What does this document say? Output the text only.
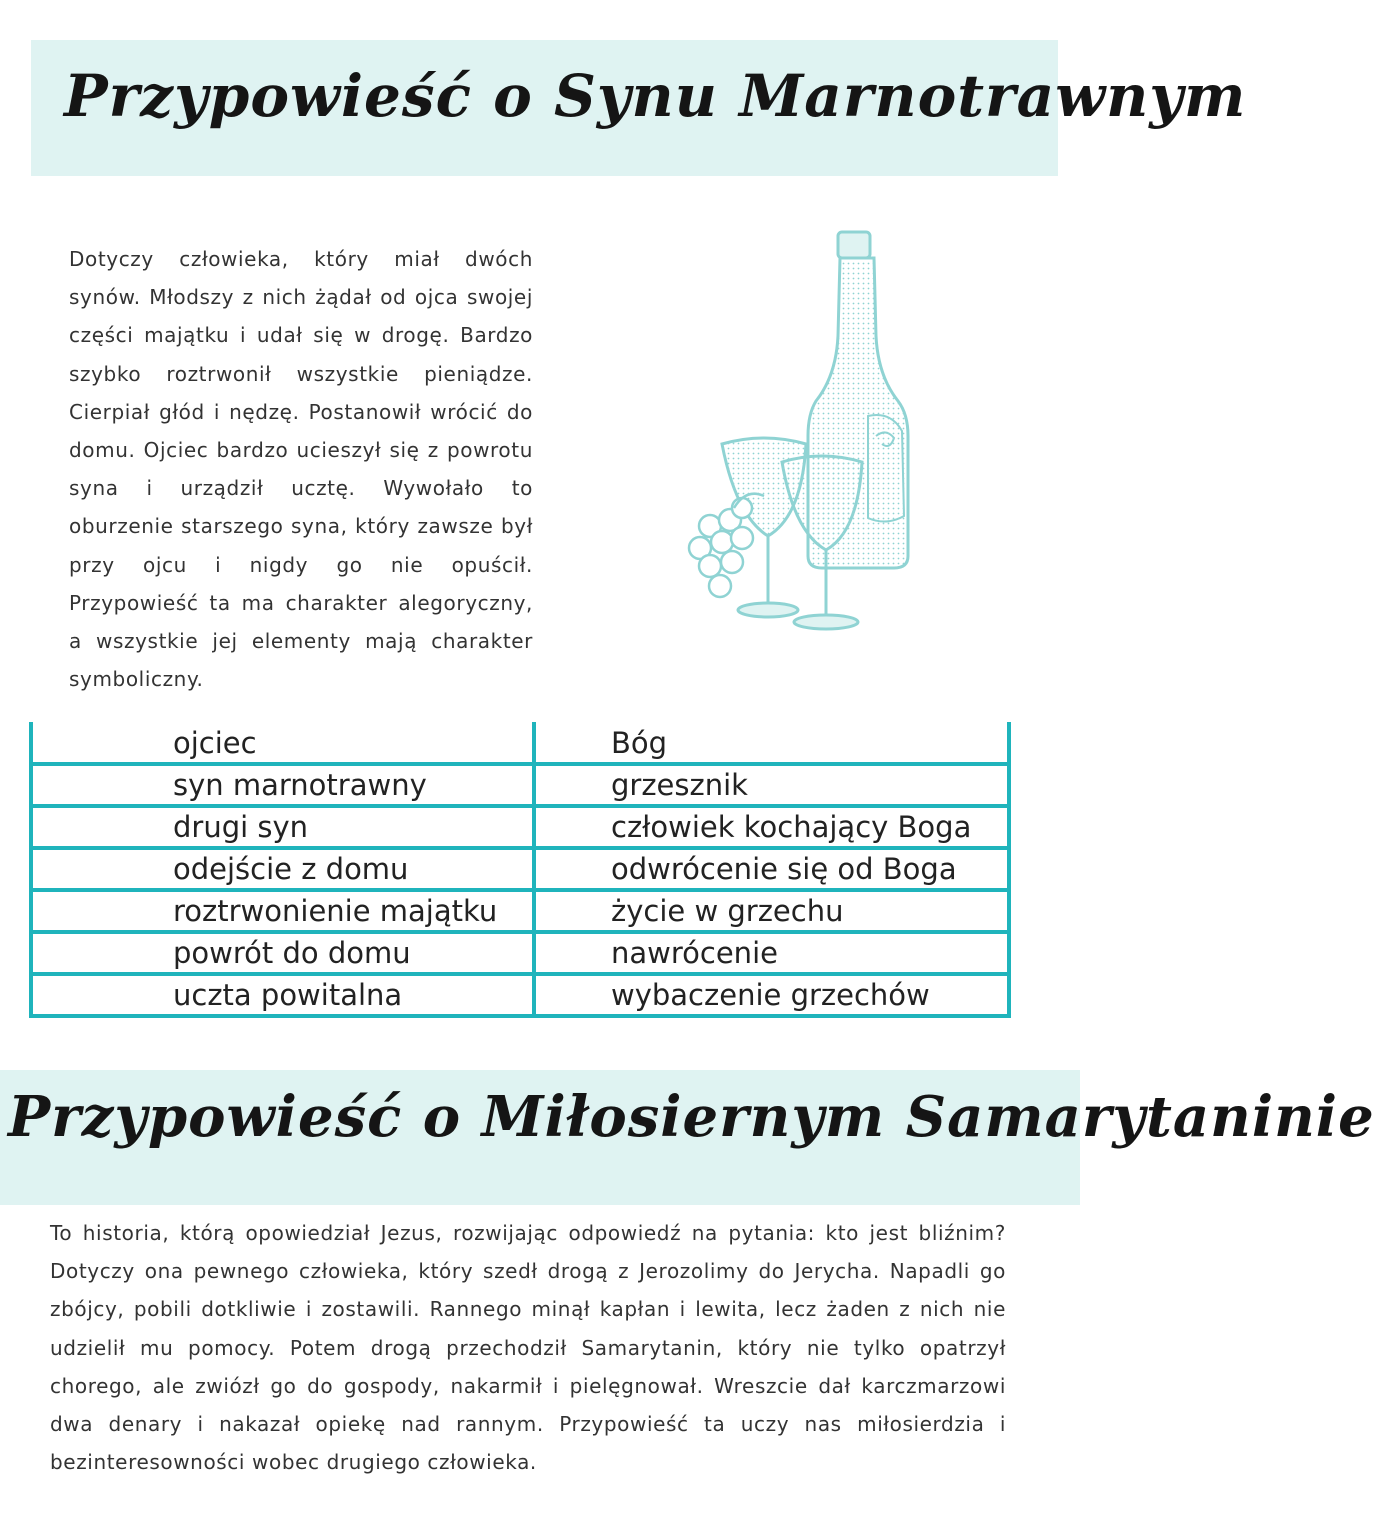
Przypowieść o Synu Marnotrawnym

Dotyczy człowieka, który miał dwóch synów. Młodszy z nich żądał od ojca swojej części majątku i udał się w drogę. Bardzo szybko roztrwonił wszystkie pieniądze. Cierpiał głód i nędzę. Postanowił wrócić do domu. Ojciec bardzo ucieszył się z powrotu syna i urządził ucztę. Wywołało to oburzenie starszego syna, który zawsze był przy ojcu i nigdy go nie opuścił. Przypowieść ta ma charakter alegoryczny, a wszystkie jej elementy mają charakter symboliczny.

ojciec	Bóg
syn marnotrawny	grzesznik
drugi syn	człowiek kochający Boga
odejście z domu	odwrócenie się od Boga
roztrwonienie majątku	życie w grzechu
powrót do domu	nawrócenie
uczta powitalna	wybaczenie grzechów
Przypowieść o Miłosiernym Samarytaninie

To historia, którą opowiedział Jezus, rozwijając odpowiedź na pytania: kto jest bliźnim? Dotyczy ona pewnego człowieka, który szedł drogą z Jerozolimy do Jerycha. Napadli go zbójcy, pobili dotkliwie i zostawili. Rannego minął kapłan i lewita, lecz żaden z nich nie udzielił mu pomocy. Potem drogą przechodził Samarytanin, który nie tylko opatrzył chorego, ale zwiózł go do gospody, nakarmił i pielęgnował. Wreszcie dał karczmarzowi dwa denary i nakazał opiekę nad rannym. Przypowieść ta uczy nas miłosierdzia i bezinteresowności wobec drugiego człowieka.
